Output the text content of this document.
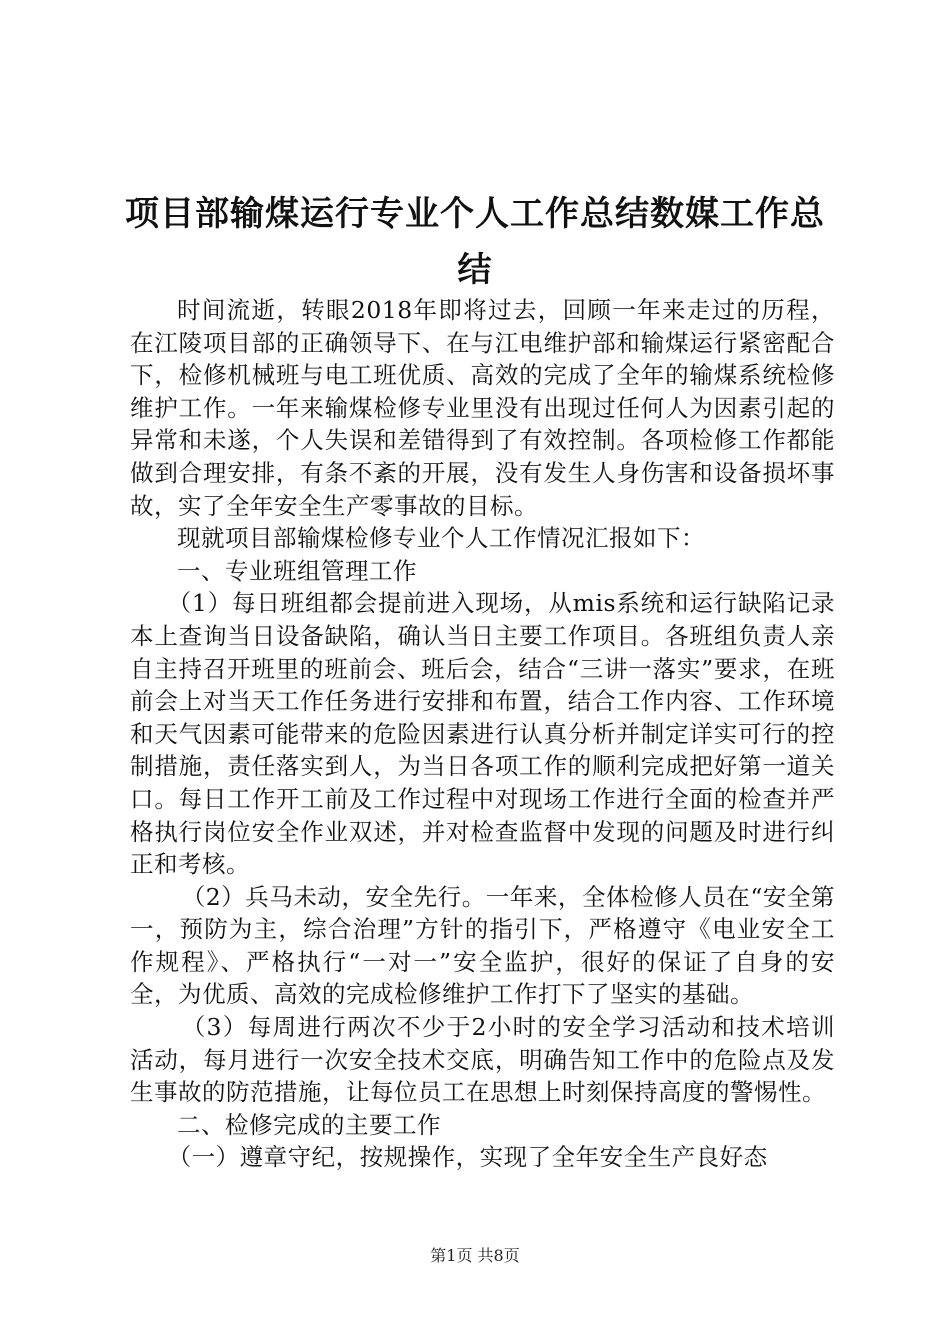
项目部输煤运行专业个人工作总结数媒工作总结

时间流逝，转眼2018年即将过去，回顾一年来走过的历程，在江陵项目部的正确领导下、在与江电维护部和输煤运行紧密配合下，检修机械班与电工班优质、高效的完成了全年的输煤系统检修维护工作。一年来输煤检修专业里没有出现过任何人为因素引起的异常和未遂，个人失误和差错得到了有效控制。各项检修工作都能做到合理安排，有条不紊的开展，没有发生人身伤害和设备损坏事故，实了全年安全生产零事故的目标。

现就项目部输煤检修专业个人工作情况汇报如下：

一、专业班组管理工作

（1）每日班组都会提前进入现场，从mis系统和运行缺陷记录本上查询当日设备缺陷，确认当日主要工作项目。各班组负责人亲自主持召开班里的班前会、班后会，结合“三讲一落实”要求，在班前会上对当天工作任务进行安排和布置，结合工作内容、工作环境和天气因素可能带来的危险因素进行认真分析并制定详实可行的控制措施，责任落实到人，为当日各项工作的顺利完成把好第一道关口。每日工作开工前及工作过程中对现场工作进行全面的检查并严格执行岗位安全作业双述，并对检查监督中发现的问题及时进行纠正和考核。

（2）兵马未动，安全先行。一年来，全体检修人员在“安全第一，预防为主，综合治理”方针的指引下，严格遵守《电业安全工作规程》、严格执行“一对一”安全监护，很好的保证了自身的安全，为优质、高效的完成检修维护工作打下了坚实的基础。

（3）每周进行两次不少于2小时的安全学习活动和技术培训活动，每月进行一次安全技术交底，明确告知工作中的危险点及发生事故的防范措施，让每位员工在思想上时刻保持高度的警惕性。

二、检修完成的主要工作

（一）遵章守纪，按规操作，实现了全年安全生产良好态

第1页 共8页
